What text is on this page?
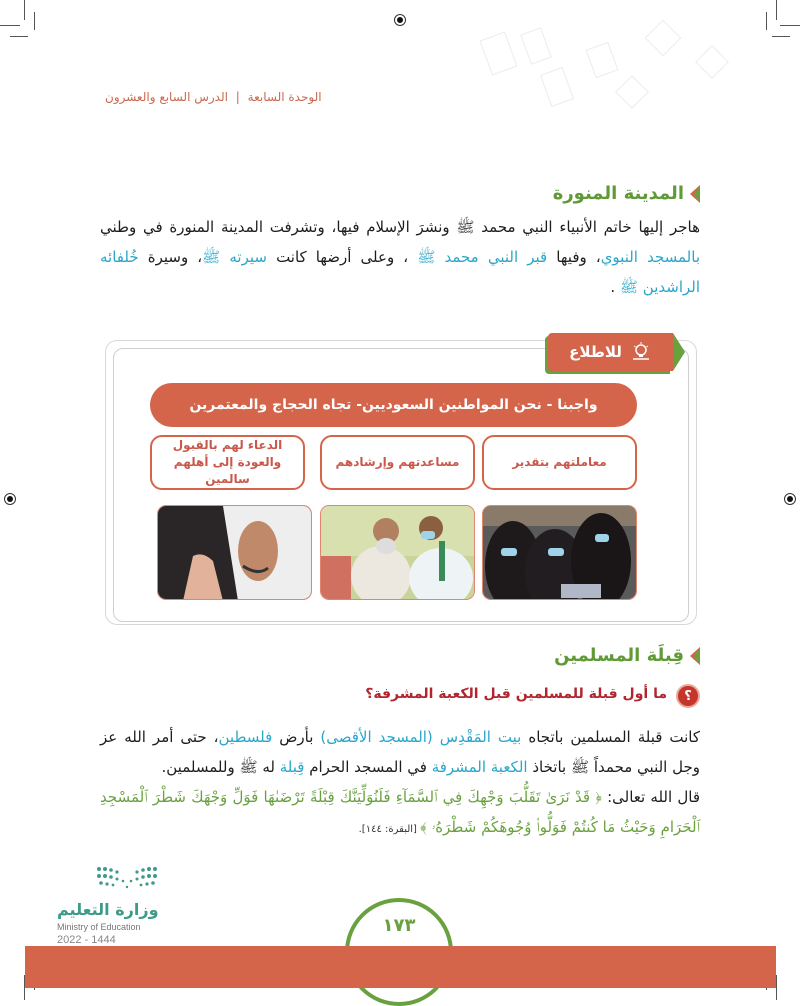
الوحدة السابعة | الدرس السابع والعشرون
المدينة المنورة
هاجر إليها خاتم الأنبياء النبي محمد ﷺ ونشرَ الإسلام فيها، وتشرفت المدينة المنورة في وطني بالمسجد النبوي، وفيها قبر النبي محمد ﷺ ، وعلى أرضها كانت سيرته ﷺ، وسيرة خُلفائه الراشدين ﷺ .
للاطلاع
واجبنا - نحن المواطنين السعوديين- تجاه الحجاج والمعتمرين
معاملتهم بتقدير
مساعدتهم وإرشادهم
الدعاء لهم بالقبول والعودة إلى أهلهم سالمين
قِبلَة المسلمين
؟
ما أول قبلة للمسلمين قبل الكعبة المشرفة؟
كانت قبلة المسلمين باتجاه بيت المَقْدِس (المسجد الأقصى) بأرض فلسطين، حتى أمر الله عز وجل النبي محمداً ﷺ باتخاذ الكعبة المشرفة في المسجد الحرام قِبلة له ﷺ وللمسلمين.
قال الله تعالى: ﴿ قَدْ نَرَىٰ تَقَلُّبَ وَجْهِكَ فِي ٱلسَّمَآءِ فَلَنُوَلِّيَنَّكَ قِبْلَةً تَرْضَىٰهَا فَوَلِّ وَجْهَكَ شَطْرَ ٱلْمَسْجِدِ ٱلْحَرَامِ وَحَيْثُ مَا كُنتُمْ فَوَلُّوا۟ وُجُوهَكُمْ شَطْرَهُۥ ﴾ [البقرة: ١٤٤].
وزارة التعليم
Ministry of Education
2022 - 1444
١٧٣
